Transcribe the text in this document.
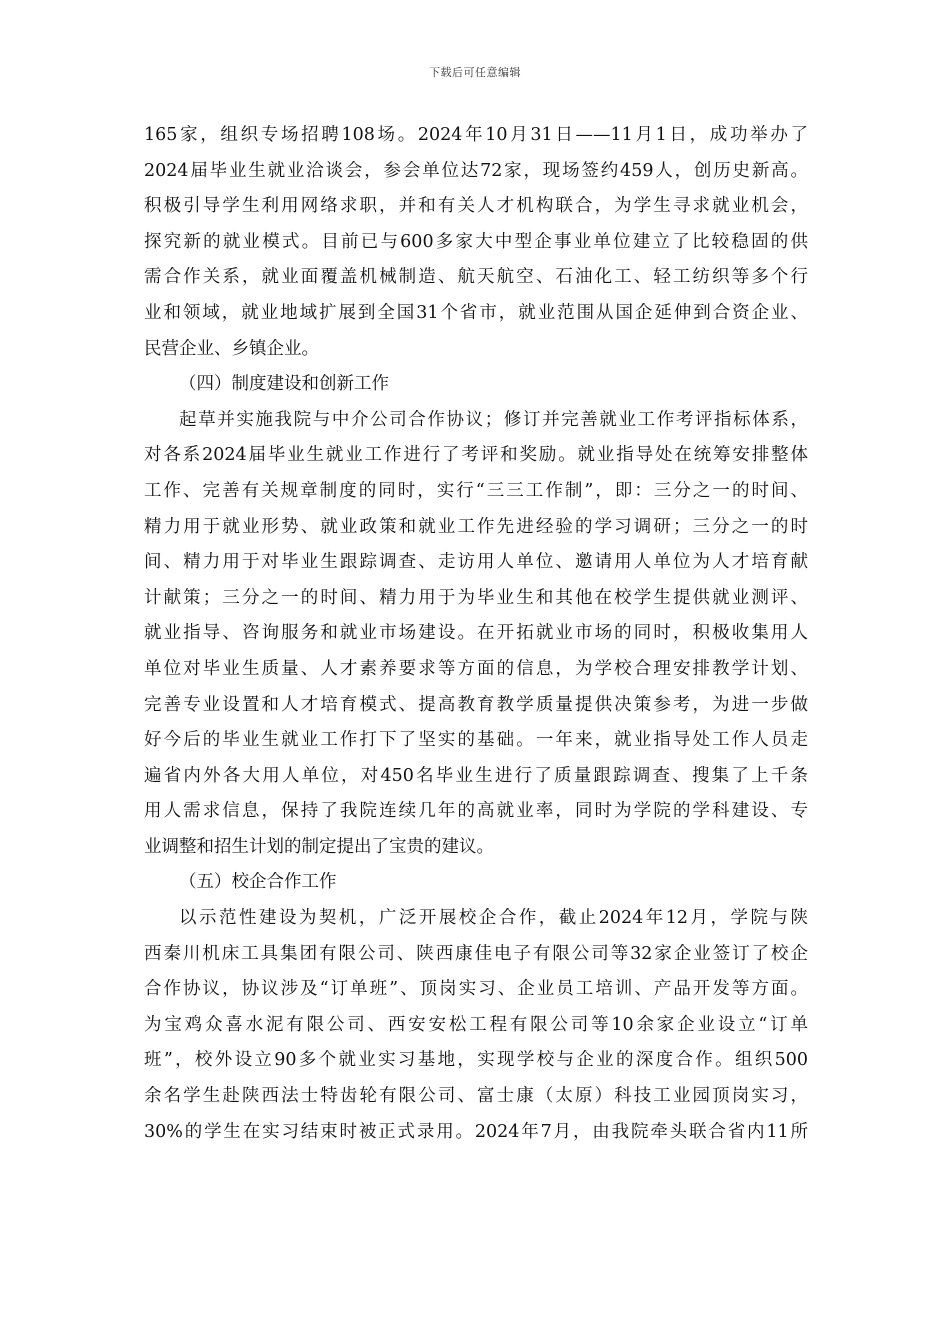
下载后可任意编辑
165家，组织专场招聘108场。2024年10月31日——11月1日，成功举办了
2024届毕业生就业洽谈会，参会单位达72家，现场签约459人，创历史新高。
积极引导学生利用网络求职，并和有关人才机构联合，为学生寻求就业机会，
探究新的就业模式。目前已与600多家大中型企事业单位建立了比较稳固的供
需合作关系，就业面覆盖机械制造、航天航空、石油化工、轻工纺织等多个行
业和领域，就业地域扩展到全国31个省市，就业范围从国企延伸到合资企业、
民营企业、乡镇企业。
（四）制度建设和创新工作
起草并实施我院与中介公司合作协议；修订并完善就业工作考评指标体系，
对各系2024届毕业生就业工作进行了考评和奖励。就业指导处在统筹安排整体
工作、完善有关规章制度的同时，实行“三三工作制”，即：三分之一的时间、
精力用于就业形势、就业政策和就业工作先进经验的学习调研；三分之一的时
间、精力用于对毕业生跟踪调查、走访用人单位、邀请用人单位为人才培育献
计献策；三分之一的时间、精力用于为毕业生和其他在校学生提供就业测评、
就业指导、咨询服务和就业市场建设。在开拓就业市场的同时，积极收集用人
单位对毕业生质量、人才素养要求等方面的信息，为学校合理安排教学计划、
完善专业设置和人才培育模式、提高教育教学质量提供决策参考，为进一步做
好今后的毕业生就业工作打下了坚实的基础。一年来，就业指导处工作人员走
遍省内外各大用人单位，对450名毕业生进行了质量跟踪调查、搜集了上千条
用人需求信息，保持了我院连续几年的高就业率，同时为学院的学科建设、专
业调整和招生计划的制定提出了宝贵的建议。
（五）校企合作工作
以示范性建设为契机，广泛开展校企合作，截止2024年12月，学院与陕
西秦川机床工具集团有限公司、陕西康佳电子有限公司等32家企业签订了校企
合作协议，协议涉及“订单班”、顶岗实习、企业员工培训、产品开发等方面。
为宝鸡众喜水泥有限公司、西安安松工程有限公司等10余家企业设立“订单
班”，校外设立90多个就业实习基地，实现学校与企业的深度合作。组织500
余名学生赴陕西法士特齿轮有限公司、富士康（太原）科技工业园顶岗实习，
30%的学生在实习结束时被正式录用。2024年7月，由我院牵头联合省内11所
